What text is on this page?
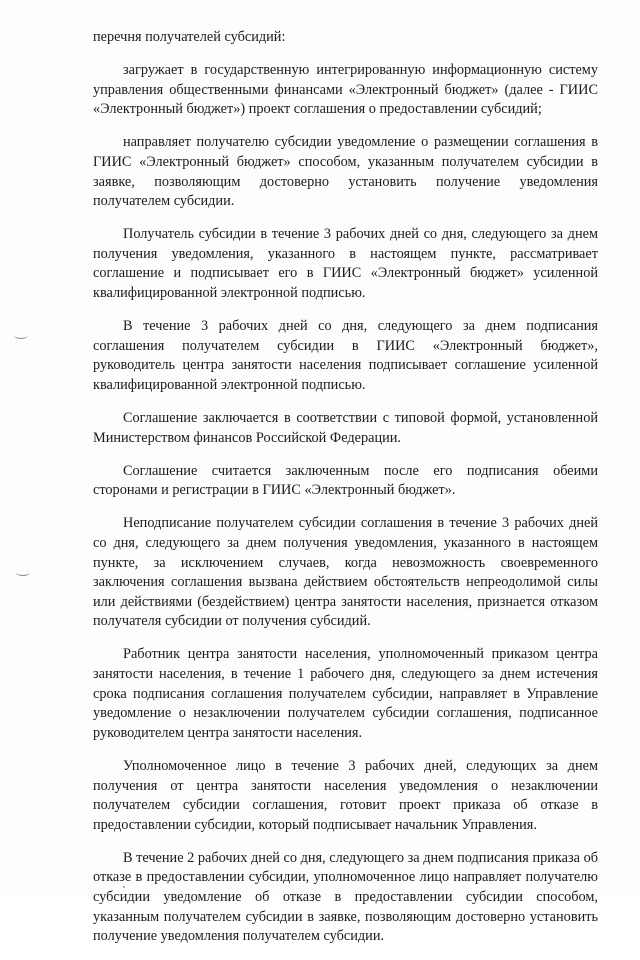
перечня получателей субсидий:

загружает в государственную интегрированную информационную систему управления общественными финансами «Электронный бюджет» (далее - ГИИС «Электронный бюджет») проект соглашения о предоставлении субсидий;

направляет получателю субсидии уведомление о размещении соглашения в ГИИС «Электронный бюджет» способом, указанным получателем субсидии в заявке, позволяющим достоверно установить получение уведомления получателем субсидии.

Получатель субсидии в течение 3 рабочих дней со дня, следующего за днем получения уведомления, указанного в настоящем пункте, рассматривает соглашение и подписывает его в ГИИС «Электронный бюджет» усиленной квалифицированной электронной подписью.

В течение 3 рабочих дней со дня, следующего за днем подписания соглашения получателем субсидии в ГИИС «Электронный бюджет», руководитель центра занятости населения подписывает соглашение усиленной квалифицированной электронной подписью.

Соглашение заключается в соответствии с типовой формой, установленной Министерством финансов Российской Федерации.

Соглашение считается заключенным после его подписания обеими сторонами и регистрации в ГИИС «Электронный бюджет».

Неподписание получателем субсидии соглашения в течение 3 рабочих дней со дня, следующего за днем получения уведомления, указанного в настоящем пункте, за исключением случаев, когда невозможность своевременного заключения соглашения вызвана действием обстоятельств непреодолимой силы или действиями (бездействием) центра занятости населения, признается отказом получателя субсидии от получения субсидий.

Работник центра занятости населения, уполномоченный приказом центра занятости населения, в течение 1 рабочего дня, следующего за днем истечения срока подписания соглашения получателем субсидии, направляет в Управление уведомление о незаключении получателем субсидии соглашения, подписанное руководителем центра занятости населения.

Уполномоченное лицо в течение 3 рабочих дней, следующих за днем получения от центра занятости населения уведомления о незаключении получателем субсидии соглашения, готовит проект приказа об отказе в предоставлении субсидии, который подписывает начальник Управления.

В течение 2 рабочих дней со дня, следующего за днем подписания приказа об отказе в предоставлении субсидии, уполномоченное лицо направляет получателю субсидии уведомление об отказе в предоставлении субсидии способом, указанным получателем субсидии в заявке, позволяющим достоверно установить получение уведомления получателем субсидии.
